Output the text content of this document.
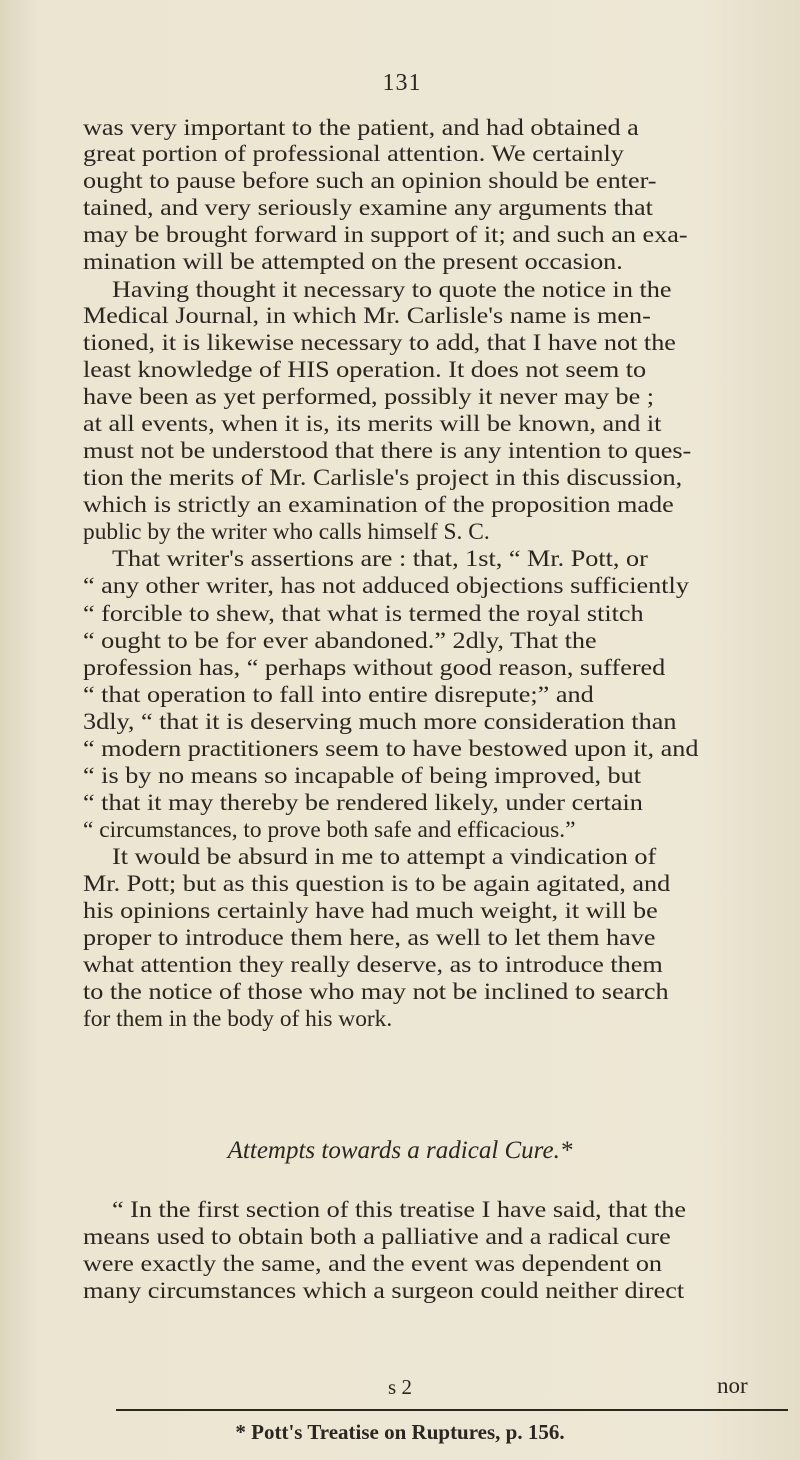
131
was very important to the patient, and had obtained a
great portion of professional attention. We certainly
ought to pause before such an opinion should be enter-
tained, and very seriously examine any arguments that
may be brought forward in support of it; and such an exa-
mination will be attempted on the present occasion.
Having thought it necessary to quote the notice in the
Medical Journal, in which Mr. Carlisle's name is men-
tioned, it is likewise necessary to add, that I have not the
least knowledge of HIS operation. It does not seem to
have been as yet performed, possibly it never may be ;
at all events, when it is, its merits will be known, and it
must not be understood that there is any intention to ques-
tion the merits of Mr. Carlisle's project in this discussion,
which is strictly an examination of the proposition made
public by the writer who calls himself S. C.
That writer's assertions are : that, 1st, “ Mr. Pott, or
“ any other writer, has not adduced objections sufficiently
“ forcible to shew, that what is termed the royal stitch
“ ought to be for ever abandoned.” 2dly, That the
profession has, “ perhaps without good reason, suffered
“ that operation to fall into entire disrepute;” and
3dly, “ that it is deserving much more consideration than
“ modern practitioners seem to have bestowed upon it, and
“ is by no means so incapable of being improved, but
“ that it may thereby be rendered likely, under certain
“ circumstances, to prove both safe and efficacious.”
It would be absurd in me to attempt a vindication of
Mr. Pott; but as this question is to be again agitated, and
his opinions certainly have had much weight, it will be
proper to introduce them here, as well to let them have
what attention they really deserve, as to introduce them
to the notice of those who may not be inclined to search
for them in the body of his work.
Attempts towards a radical Cure.*
“ In the first section of this treatise I have said, that the
means used to obtain both a palliative and a radical cure
were exactly the same, and the event was dependent on
many circumstances which a surgeon could neither direct
s 2	nor
* Pott's Treatise on Ruptures, p. 156.
